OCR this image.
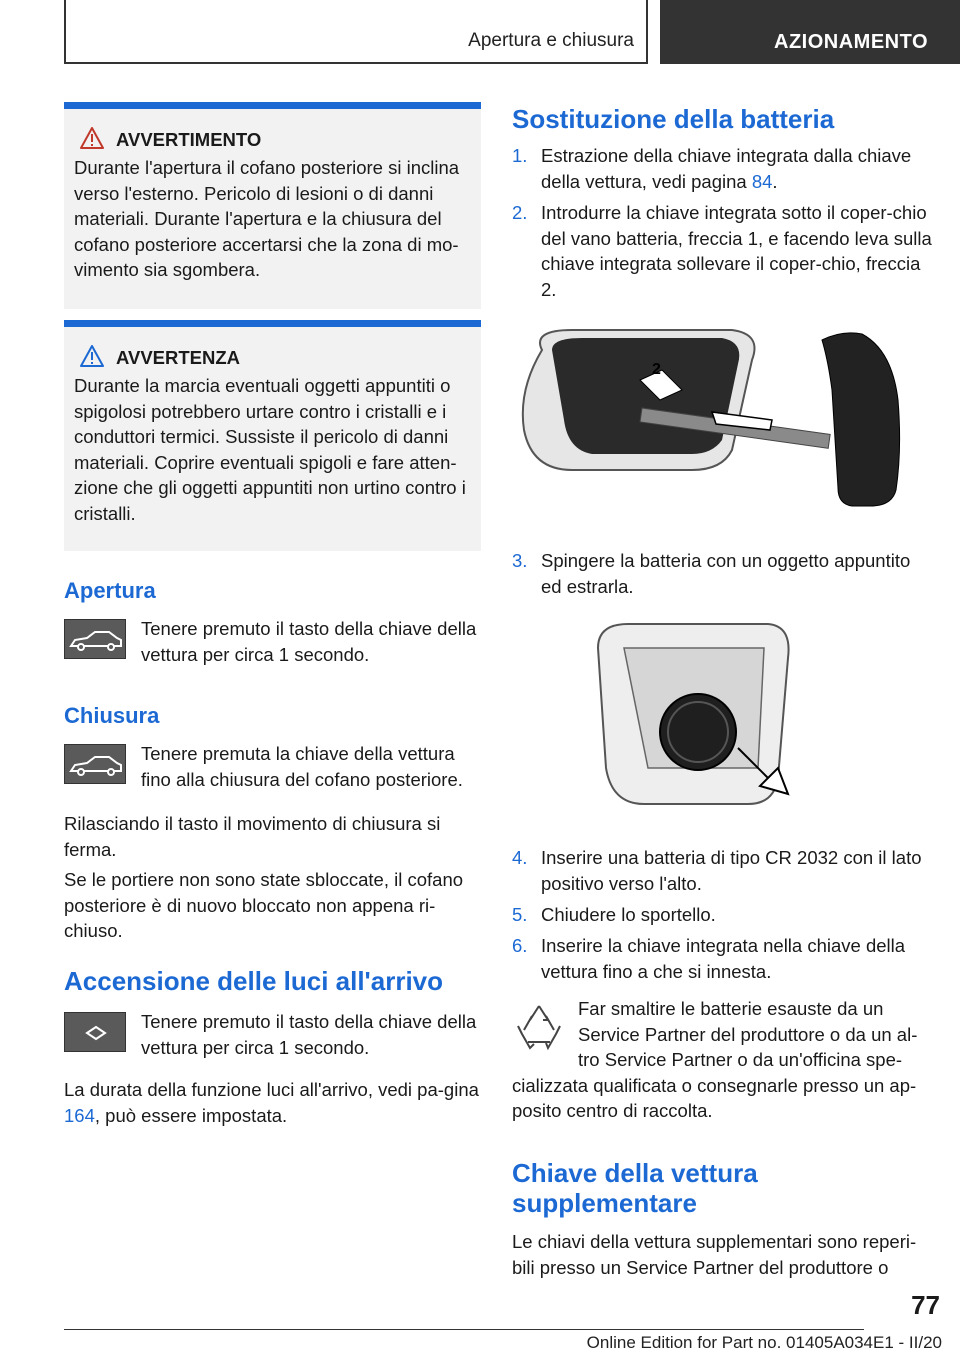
Apertura e chiusura	AZIONAMENTO
AVVERTIMENTO

Durante l'apertura il cofano posteriore si inclina verso l'esterno. Pericolo di lesioni o di danni materiali. Durante l'apertura e la chiusura del cofano posteriore accertarsi che la zona di mo-vimento sia sgombera.

AVVERTENZA

Durante la marcia eventuali oggetti appuntiti o spigolosi potrebbero urtare contro i cristalli e i conduttori termici. Sussiste il pericolo di danni materiali. Coprire eventuali spigoli e fare atten-zione che gli oggetti appuntiti non urtino contro i cristalli.

Apertura

Tenere premuto il tasto della chiave della vettura per circa 1 secondo.

Chiusura

Tenere premuta la chiave della vettura fino alla chiusura del cofano posteriore.

Rilasciando il tasto il movimento di chiusura si ferma.

Se le portiere non sono state sbloccate, il cofano posteriore è di nuovo bloccato non appena ri-chiuso.

Accensione delle luci all'arrivo

Tenere premuto il tasto della chiave della vettura per circa 1 secondo.

La durata della funzione luci all'arrivo, vedi pa-gina 164, può essere impostata.

Sostituzione della batteria
1. Estrazione della chiave integrata dalla chiave della vettura, vedi pagina 84.
2. Introdurre la chiave integrata sotto il coper-chio del vano batteria, freccia 1, e facendo leva sulla chiave integrata sollevare il coper-chio, freccia 2.
2
3. Spingere la batteria con un oggetto appuntito ed estrarla.
4. Inserire una batteria di tipo CR 2032 con il lato positivo verso l'alto.
5. Chiudere lo sportello.
6. Inserire la chiave integrata nella chiave della vettura fino a che si innesta.

Far smaltire le batterie esauste da un

Service Partner del produttore o da un al-

tro Service Partner o da un'officina spe-

cializzata qualificata o consegnarle presso un ap-

posito centro di raccolta.

Chiave della vettura supplementare

Le chiavi della vettura supplementari sono reperi-bili presso un Service Partner del produttore o

77
Online Edition for Part no. 01405A034E1 - II/20
